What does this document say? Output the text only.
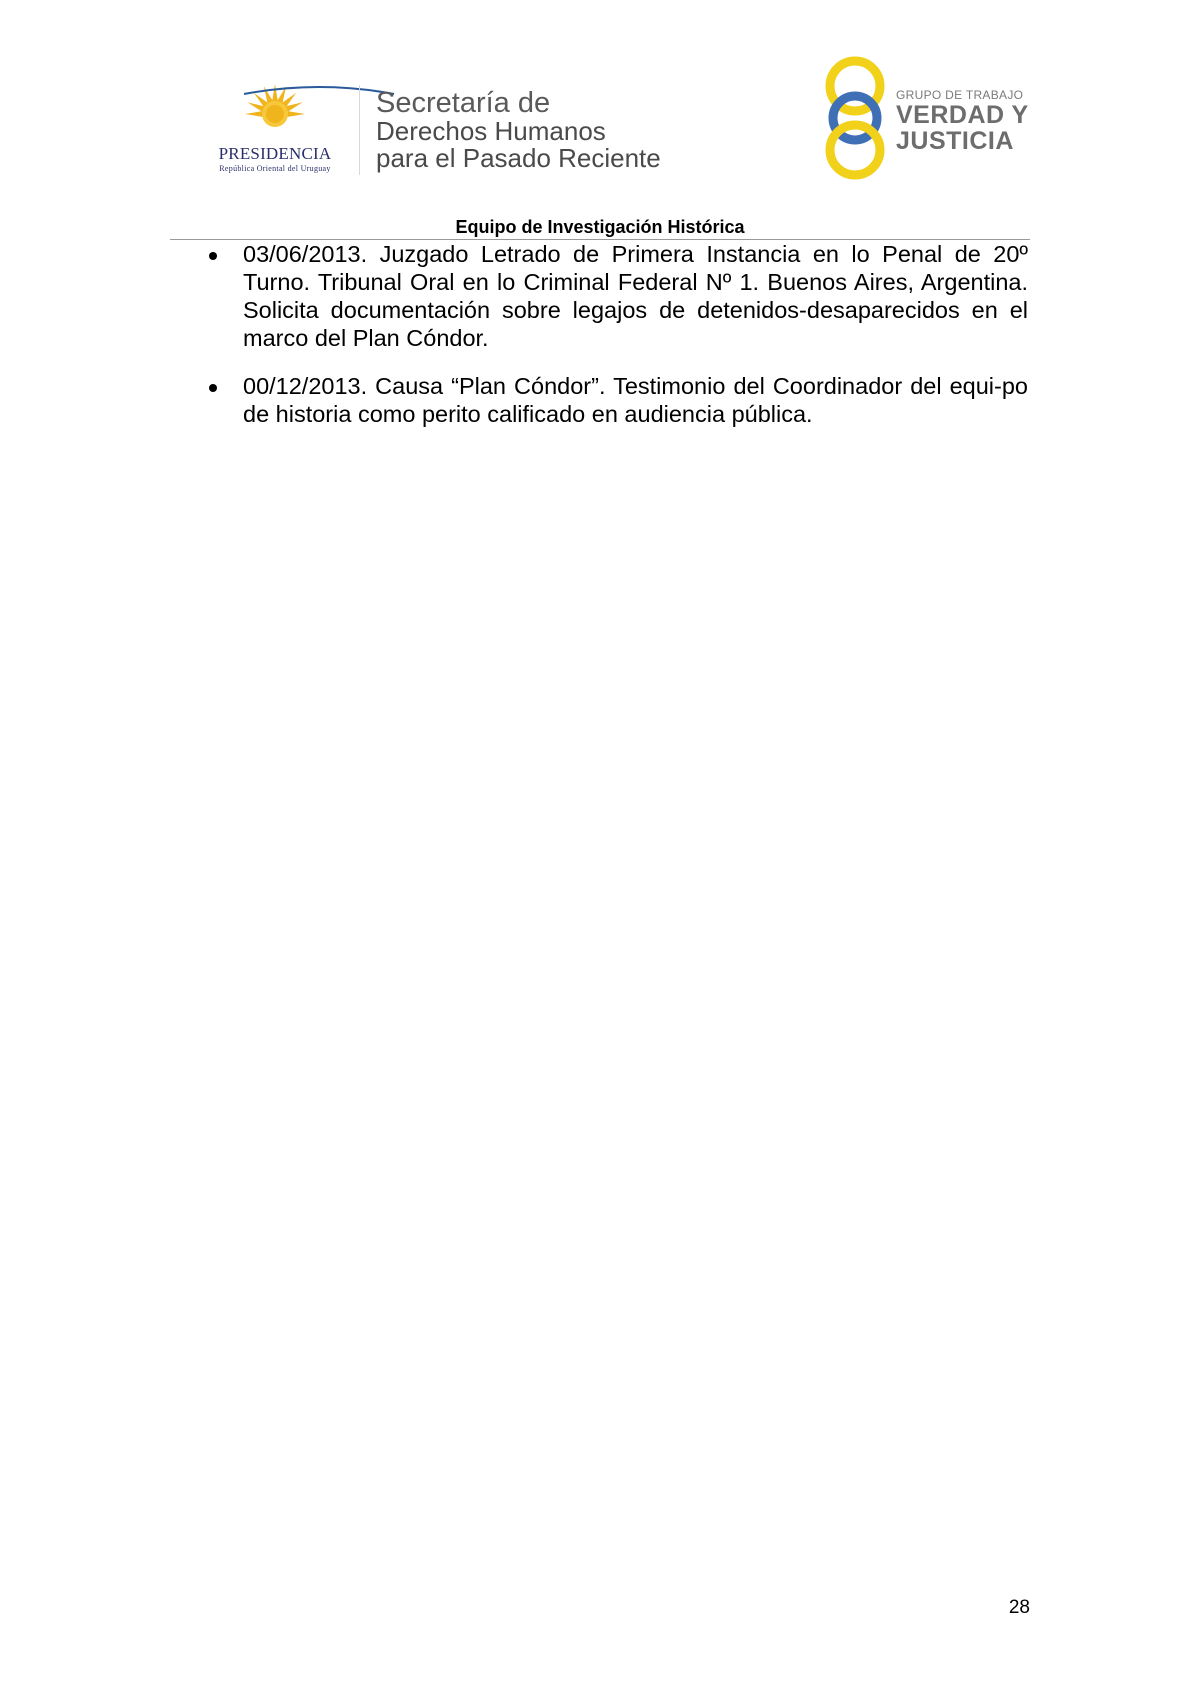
PRESIDENCIA
República Oriental del Uruguay
Secretaría de
Derechos Humanos
para el Pasado Reciente
GRUPO DE TRABAJO
VERDAD Y
JUSTICIA
Equipo de Investigación Histórica
03/06/2013. Juzgado Letrado de Primera Instancia en lo Penal de 20º Turno. Tribunal Oral en lo Criminal Federal Nº 1. Buenos Aires, Argentina. Solicita documentación sobre legajos de detenidos-desaparecidos en el marco del Plan Cóndor.
00/12/2013. Causa “Plan Cóndor”. Testimonio del Coordinador del equi-po de historia como perito calificado en audiencia pública.
28
